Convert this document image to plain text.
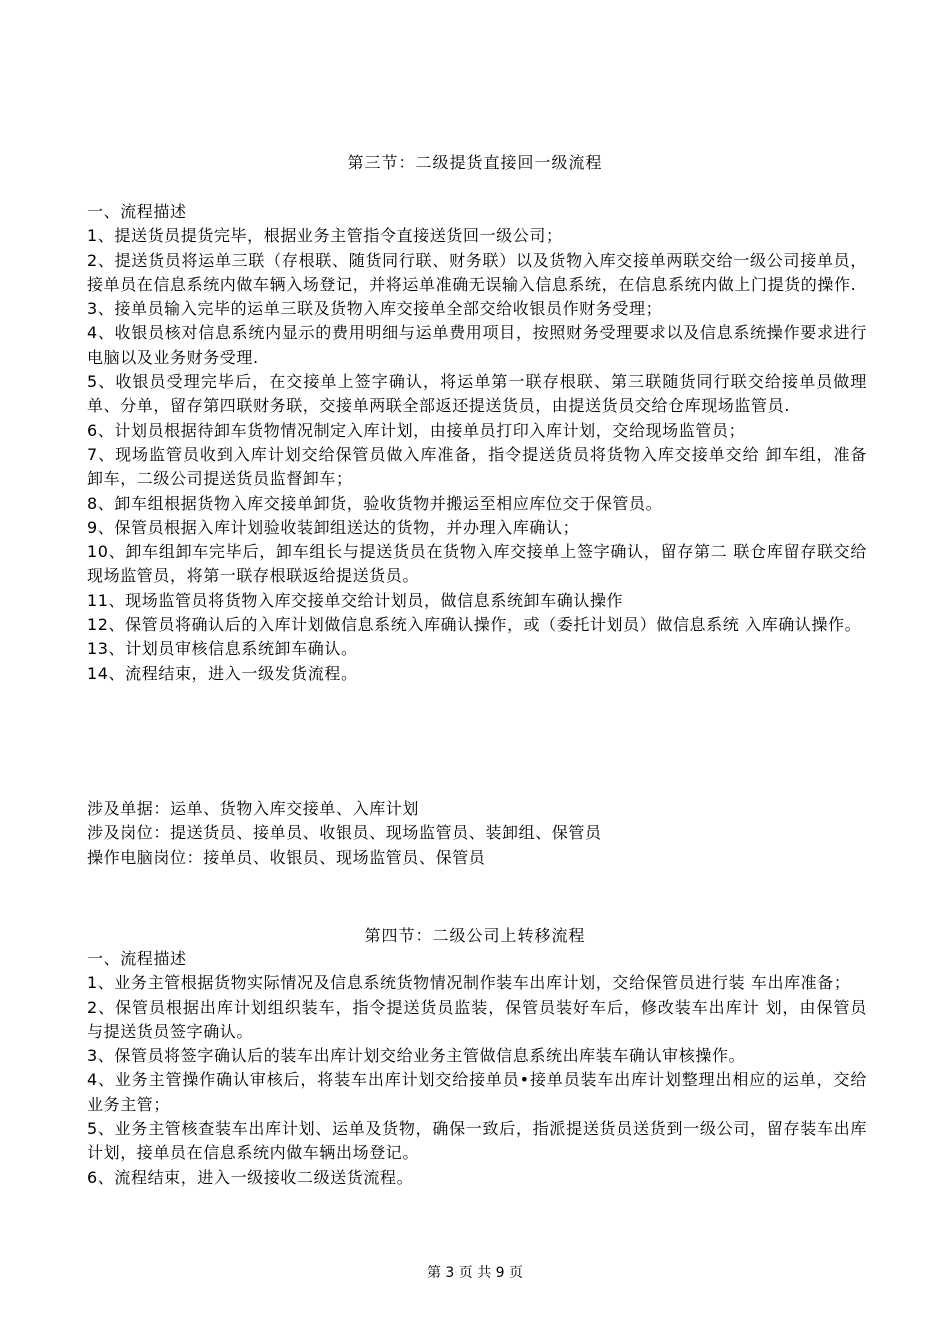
第三节：二级提货直接回一级流程

一、流程描述

1、提送货员提货完毕，根据业务主管指令直接送货回一级公司；

2、提送货员将运单三联（存根联、随货同行联、财务联）以及货物入库交接单两联交给一级公司接单员，接单员在信息系统内做车辆入场登记，并将运单准确无误输入信息系统，在信息系统内做上门提货的操作.

3、接单员输入完毕的运单三联及货物入库交接单全部交给收银员作财务受理；

4、收银员核对信息系统内显示的费用明细与运单费用项目，按照财务受理要求以及信息系统操作要求进行电脑以及业务财务受理.

5、收银员受理完毕后，在交接单上签字确认，将运单第一联存根联、第三联随货同行联交给接单员做理单、分单，留存第四联财务联，交接单两联全部返还提送货员，由提送货员交给仓库现场监管员.

6、计划员根据待卸车货物情况制定入库计划，由接单员打印入库计划，交给现场监管员；

7、现场监管员收到入库计划交给保管员做入库准备，指令提送货员将货物入库交接单交给 卸车组，准备卸车，二级公司提送货员监督卸车；

8、卸车组根据货物入库交接单卸货，验收货物并搬运至相应库位交于保管员。

9、保管员根据入库计划验收装卸组送达的货物，并办理入库确认；

10、卸车组卸车完毕后，卸车组长与提送货员在货物入库交接单上签字确认，留存第二 联仓库留存联交给现场监管员，将第一联存根联返给提送货员。

11、现场监管员将货物入库交接单交给计划员，做信息系统卸车确认操作

12、保管员将确认后的入库计划做信息系统入库确认操作，或（委托计划员）做信息系统 入库确认操作。

13、计划员审核信息系统卸车确认。

14、流程结束，进入一级发货流程。

涉及单据：运单、货物入库交接单、入库计划

涉及岗位：提送货员、接单员、收银员、现场监管员、装卸组、保管员

操作电脑岗位：接单员、收银员、现场监管员、保管员

第四节：二级公司上转移流程

一、流程描述

1、业务主管根据货物实际情况及信息系统货物情况制作装车出库计划，交给保管员进行装 车出库准备；

2、保管员根据出库计划组织装车，指令提送货员监装，保管员装好车后，修改装车出库计 划，由保管员与提送货员签字确认。

3、保管员将签字确认后的装车出库计划交给业务主管做信息系统出库装车确认审核操作。

4、业务主管操作确认审核后，将装车出库计划交给接单员•接单员装车出库计划整理出相应的运单，交给业务主管；

5、业务主管核查装车出库计划、运单及货物，确保一致后，指派提送货员送货到一级公司，留存装车出库计划，接单员在信息系统内做车辆出场登记。

6、流程结束，进入一级接收二级送货流程。

第 3 页 共 9 页
